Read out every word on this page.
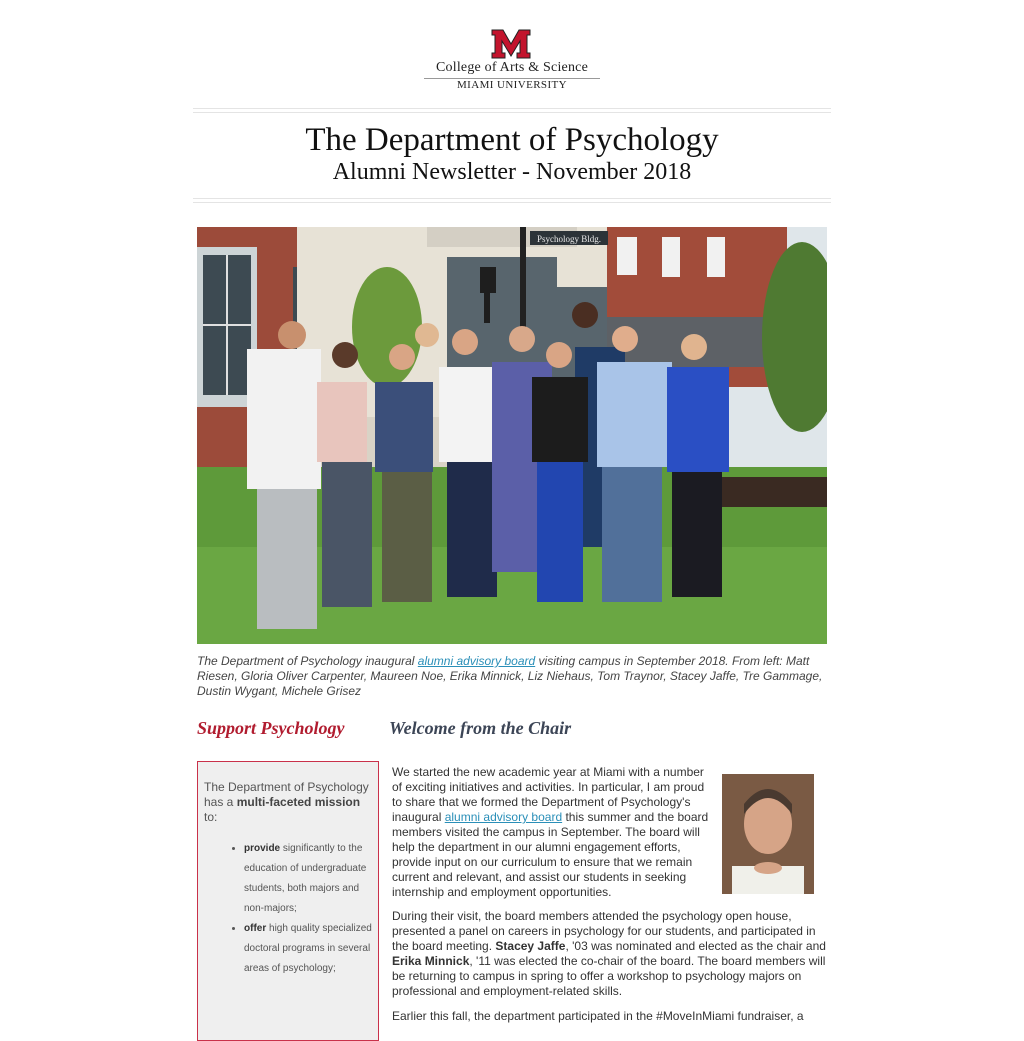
College of Arts & Science
MIAMI UNIVERSITY
The Department of Psychology
Alumni Newsletter - November 2018
Psychology Bldg.
The Department of Psychology inaugural alumni advisory board visiting campus in September 2018. From left: Matt Riesen, Gloria Oliver Carpenter, Maureen Noe, Erika Minnick, Liz Niehaus, Tom Traynor, Stacey Jaffe, Tre Gammage, Dustin Wygant, Michele Grisez
Support Psychology Welcome from the Chair
The Department of Psychology has a multi-faceted mission to:
• provide significantly to the education of undergraduate students, both majors and non-majors;
• offer high quality specialized doctoral programs in several areas of psychology;
We started the new academic year at Miami with a number of exciting initiatives and activities. In particular, I am proud to share that we formed the Department of Psychology's inaugural alumni advisory board this summer and the board members visited the campus in September. The board will help the department in our alumni engagement efforts, provide input on our curriculum to ensure that we remain current and relevant, and assist our students in seeking internship and employment opportunities.
During their visit, the board members attended the psychology open house, presented a panel on careers in psychology for our students, and participated in the board meeting. Stacey Jaffe, '03 was nominated and elected as the chair and Erika Minnick, '11 was elected the co-chair of the board. The board members will be returning to campus in spring to offer a workshop to psychology majors on professional and employment-related skills.
Earlier this fall, the department participated in the #MoveInMiami fundraiser, a
